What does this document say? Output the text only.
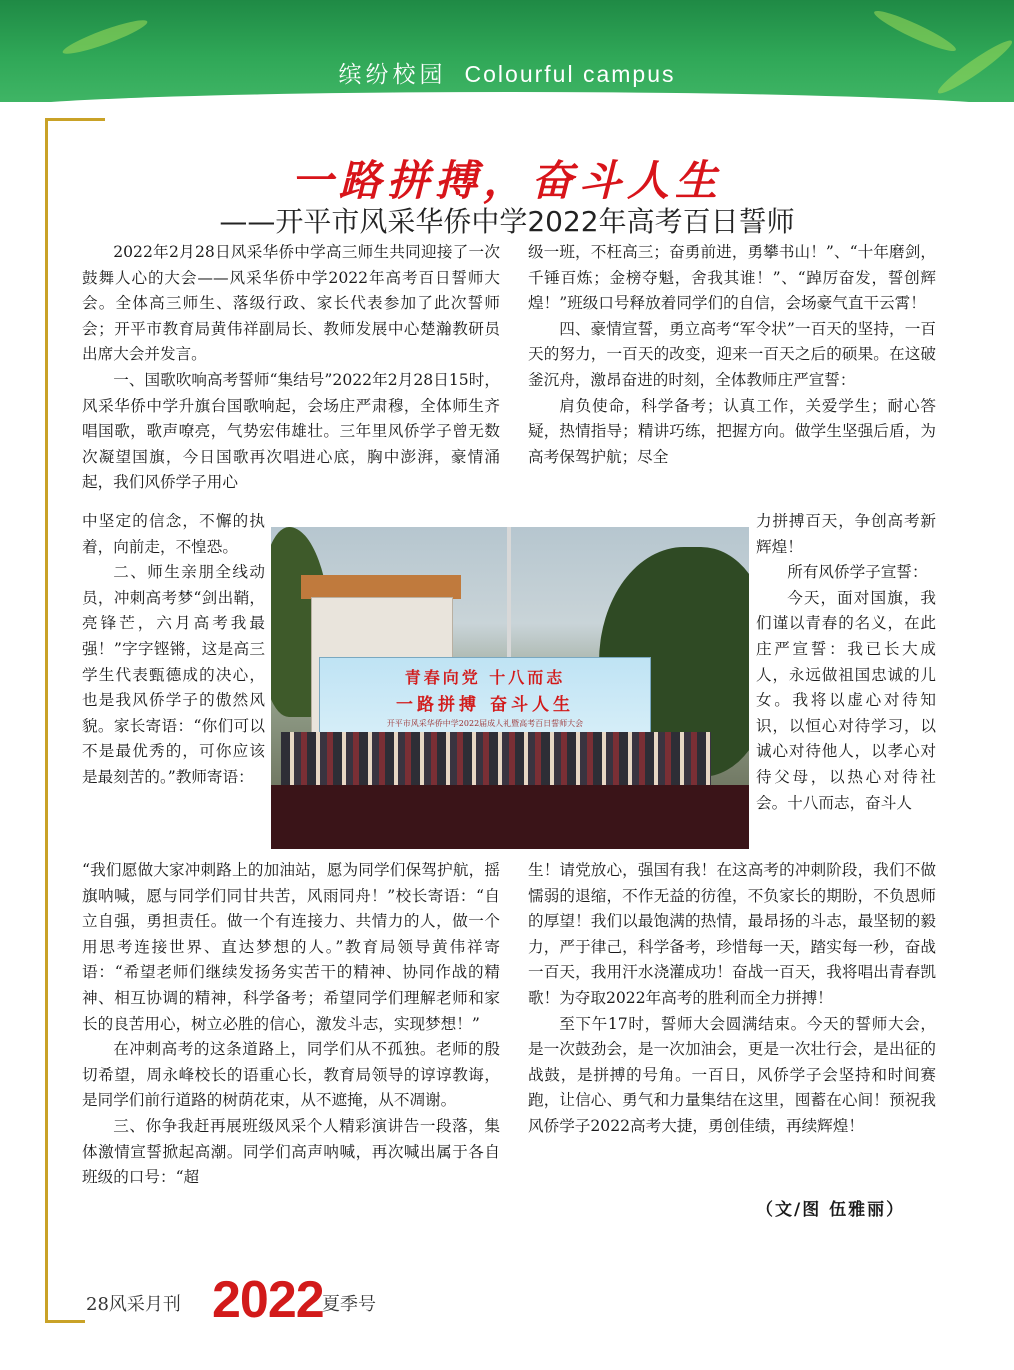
缤纷校园 Colourful campus
一路拼搏，奋斗人生
——开平市风采华侨中学2022年高考百日誓师

2022年2月28日风采华侨中学高三师生共同迎接了一次鼓舞人心的大会——风采华侨中学2022年高考百日誓师大会。全体高三师生、落级行政、家长代表参加了此次誓师会；开平市教育局黄伟祥副局长、教师发展中心楚瀚教研员出席大会并发言。

一、国歌吹响高考誓师“集结号”2022年2月28日15时，风采华侨中学升旗台国歌响起，会场庄严肃穆，全体师生齐唱国歌，歌声嘹亮，气势宏伟雄壮。三年里风侨学子曾无数次凝望国旗，今日国歌再次唱进心底，胸中澎湃，豪情涌起，我们风侨学子用心

中坚定的信念，不懈的执着，向前走，不惶恐。

二、师生亲朋全线动员，冲刺高考梦“剑出鞘，亮锋芒，六月高考我最强！”字字铿锵，这是高三学生代表甄德成的决心，也是我风侨学子的傲然风貌。家长寄语：“你们可以不是最优秀的，可你应该是最刻苦的。”教师寄语：

青春向党 十八而志
一路拼搏 奋斗人生
开平市风采华侨中学2022届成人礼暨高考百日誓师大会

“我们愿做大家冲刺路上的加油站，愿为同学们保驾护航，摇旗呐喊，愿与同学们同甘共苦，风雨同舟！”校长寄语：“自立自强，勇担责任。做一个有连接力、共情力的人，做一个用思考连接世界、直达梦想的人。”教育局领导黄伟祥寄语：“希望老师们继续发扬务实苦干的精神、协同作战的精神、相互协调的精神，科学备考；希望同学们理解老师和家长的良苦用心，树立必胜的信心，激发斗志，实现梦想！”

在冲刺高考的这条道路上，同学们从不孤独。老师的殷切希望，周永峰校长的语重心长，教育局领导的谆谆教诲，是同学们前行道路的树荫花束，从不遮掩，从不凋谢。

三、你争我赶再展班级风采个人精彩演讲告一段落，集体激情宣誓掀起高潮。同学们高声呐喊，再次喊出属于各自班级的口号：“超

级一班，不枉高三；奋勇前进，勇攀书山！”、“十年磨剑，千锤百炼；金榜夺魁，舍我其谁！”、“踔厉奋发，誓创辉煌！”班级口号释放着同学们的自信，会场豪气直干云霄！

四、豪情宣誓，勇立高考“军令状”一百天的坚持，一百天的努力，一百天的改变，迎来一百天之后的硕果。在这破釜沉舟，激昂奋进的时刻，全体教师庄严宣誓：

肩负使命，科学备考；认真工作，关爱学生；耐心答疑，热情指导；精讲巧练，把握方向。做学生坚强后盾，为高考保驾护航；尽全

力拼搏百天，争创高考新辉煌！

所有风侨学子宣誓：

今天，面对国旗，我们谨以青春的名义，在此庄严宣誓：我已长大成人，永远做祖国忠诚的儿女。我将以虚心对待知识，以恒心对待学习，以诚心对待他人，以孝心对待父母，以热心对待社会。十八而志，奋斗人

生！请党放心，强国有我！在这高考的冲刺阶段，我们不做懦弱的退缩，不作无益的彷徨，不负家长的期盼，不负恩师的厚望！我们以最饱满的热情，最昂扬的斗志，最坚韧的毅力，严于律己，科学备考，珍惜每一天，踏实每一秒，奋战一百天，我用汗水浇灌成功！奋战一百天，我将唱出青春凯歌！为夺取2022年高考的胜利而全力拼搏！

至下午17时，誓师大会圆满结束。今天的誓师大会，是一次鼓劲会，是一次加油会，更是一次壮行会，是出征的战鼓，是拼搏的号角。一百日，风侨学子会坚持和时间赛跑，让信心、勇气和力量集结在这里，囤蓄在心间！预祝我风侨学子2022高考大捷，勇创佳绩，再续辉煌！

（文/图 伍雅丽）
28风采月刊 2022
夏季号
